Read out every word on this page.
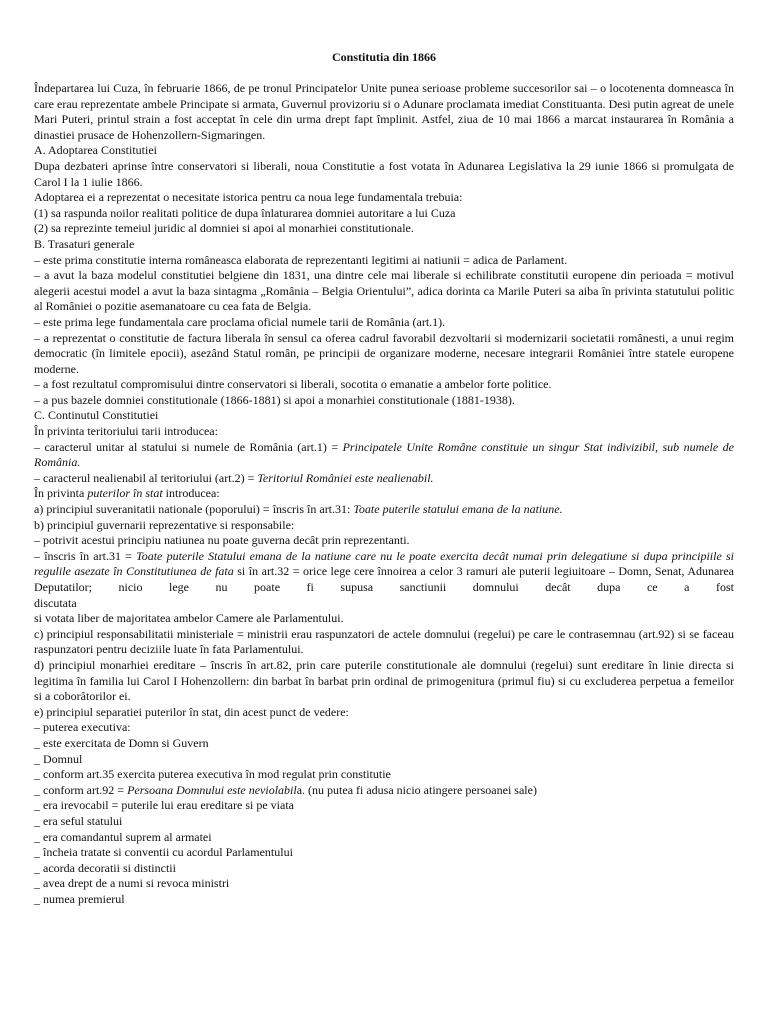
Constitutia din 1866

Îndepartarea lui Cuza, în februarie 1866, de pe tronul Principatelor Unite punea serioase probleme succesorilor sai – o locotenenta domneasca în care erau reprezentate ambele Principate si armata, Guvernul provizoriu si o Adunare proclamata imediat Constituanta. Desi putin agreat de unele Mari Puteri, printul strain a fost acceptat în cele din urma drept fapt împlinit. Astfel, ziua de 10 mai 1866 a marcat instaurarea în România a dinastiei prusace de Hohenzollern-Sigmaringen.

A. Adoptarea Constitutiei

Dupa dezbateri aprinse între conservatori si liberali, noua Constitutie a fost votata în Adunarea Legislativa la 29 iunie 1866 si promulgata de Carol I la 1 iulie 1866.

Adoptarea ei a reprezentat o necesitate istorica pentru ca noua lege fundamentala trebuia:

(1) sa raspunda noilor realitati politice de dupa înlaturarea domniei autoritare a lui Cuza

(2) sa reprezinte temeiul juridic al domniei si apoi al monarhiei constitutionale.

B. Trasaturi generale

– este prima constitutie interna româneasca elaborata de reprezentanti legitimi ai natiunii = adica de Parlament.

– a avut la baza modelul constitutiei belgiene din 1831, una dintre cele mai liberale si echilibrate constitutii europene din perioada = motivul alegerii acestui model a avut la baza sintagma „România – Belgia Orientului”, adica dorinta ca Marile Puteri sa aiba în privinta statutului politic al României o pozitie asemanatoare cu cea fata de Belgia.

– este prima lege fundamentala care proclama oficial numele tarii de România (art.1).

– a reprezentat o constitutie de factura liberala în sensul ca oferea cadrul favorabil dezvoltarii si modernizarii societatii românesti, a unui regim democratic (în limitele epocii), asezând Statul român, pe principii de organizare moderne, necesare integrarii României între statele europene moderne.

– a fost rezultatul compromisului dintre conservatori si liberali, socotita o emanatie a ambelor forte politice.

– a pus bazele domniei constitutionale (1866-1881) si apoi a monarhiei constitutionale (1881-1938).

C. Continutul Constitutiei

În privinta teritoriului tarii introducea:

– caracterul unitar al statului si numele de România (art.1) = Principatele Unite Române constituie un singur Stat indivizibil, sub numele de România.

– caracterul nealienabil al teritoriului (art.2) = Teritoriul României este nealienabil.

În privinta puterilor în stat introducea:

a) principiul suveranitatii nationale (poporului) = înscris în art.31: Toate puterile statului emana de la natiune.

b) principiul guvernarii reprezentative si responsabile:

– potrivit acestui principiu natiunea nu poate guverna decât prin reprezentanti.

– înscris în art.31 = Toate puterile Statului emana de la natiune care nu le poate exercita decât numai prin delegatiune si dupa principiile si regulile asezate în Constitutiunea de fata si în art.32 = orice lege cere înnoirea a celor 3 ramuri ale puterii legiuitoare – Domn, Senat, Adunarea Deputatilor; nicio lege nu poate fi supusa sanctiunii domnului decât dupa ce a fost

discutata

si votata liber de majoritatea ambelor Camere ale Parlamentului.

c) principiul responsabilitatii ministeriale = ministrii erau raspunzatori de actele domnului (regelui) pe care le contrasemnau (art.92) si se faceau raspunzatori pentru deciziile luate în fata Parlamentului.

d) principiul monarhiei ereditare – înscris în art.82, prin care puterile constitutionale ale domnului (regelui) sunt ereditare în linie directa si legitima în familia lui Carol I Hohenzollern: din barbat în barbat prin ordinal de primogenitura (primul fiu) si cu excluderea perpetua a femeilor si a coborâtorilor ei.

e) principiul separatiei puterilor în stat, din acest punct de vedere:

– puterea executiva:

_ este exercitata de Domn si Guvern

_ Domnul

_ conform art.35 exercita puterea executiva în mod regulat prin constitutie

_ conform art.92 = Persoana Domnului este neviolabila. (nu putea fi adusa nicio atingere persoanei sale)

_ era irevocabil = puterile lui erau ereditare si pe viata

_ era seful statului

_ era comandantul suprem al armatei

_ încheia tratate si conventii cu acordul Parlamentului

_ acorda decoratii si distinctii

_ avea drept de a numi si revoca ministri

_ numea premierul
